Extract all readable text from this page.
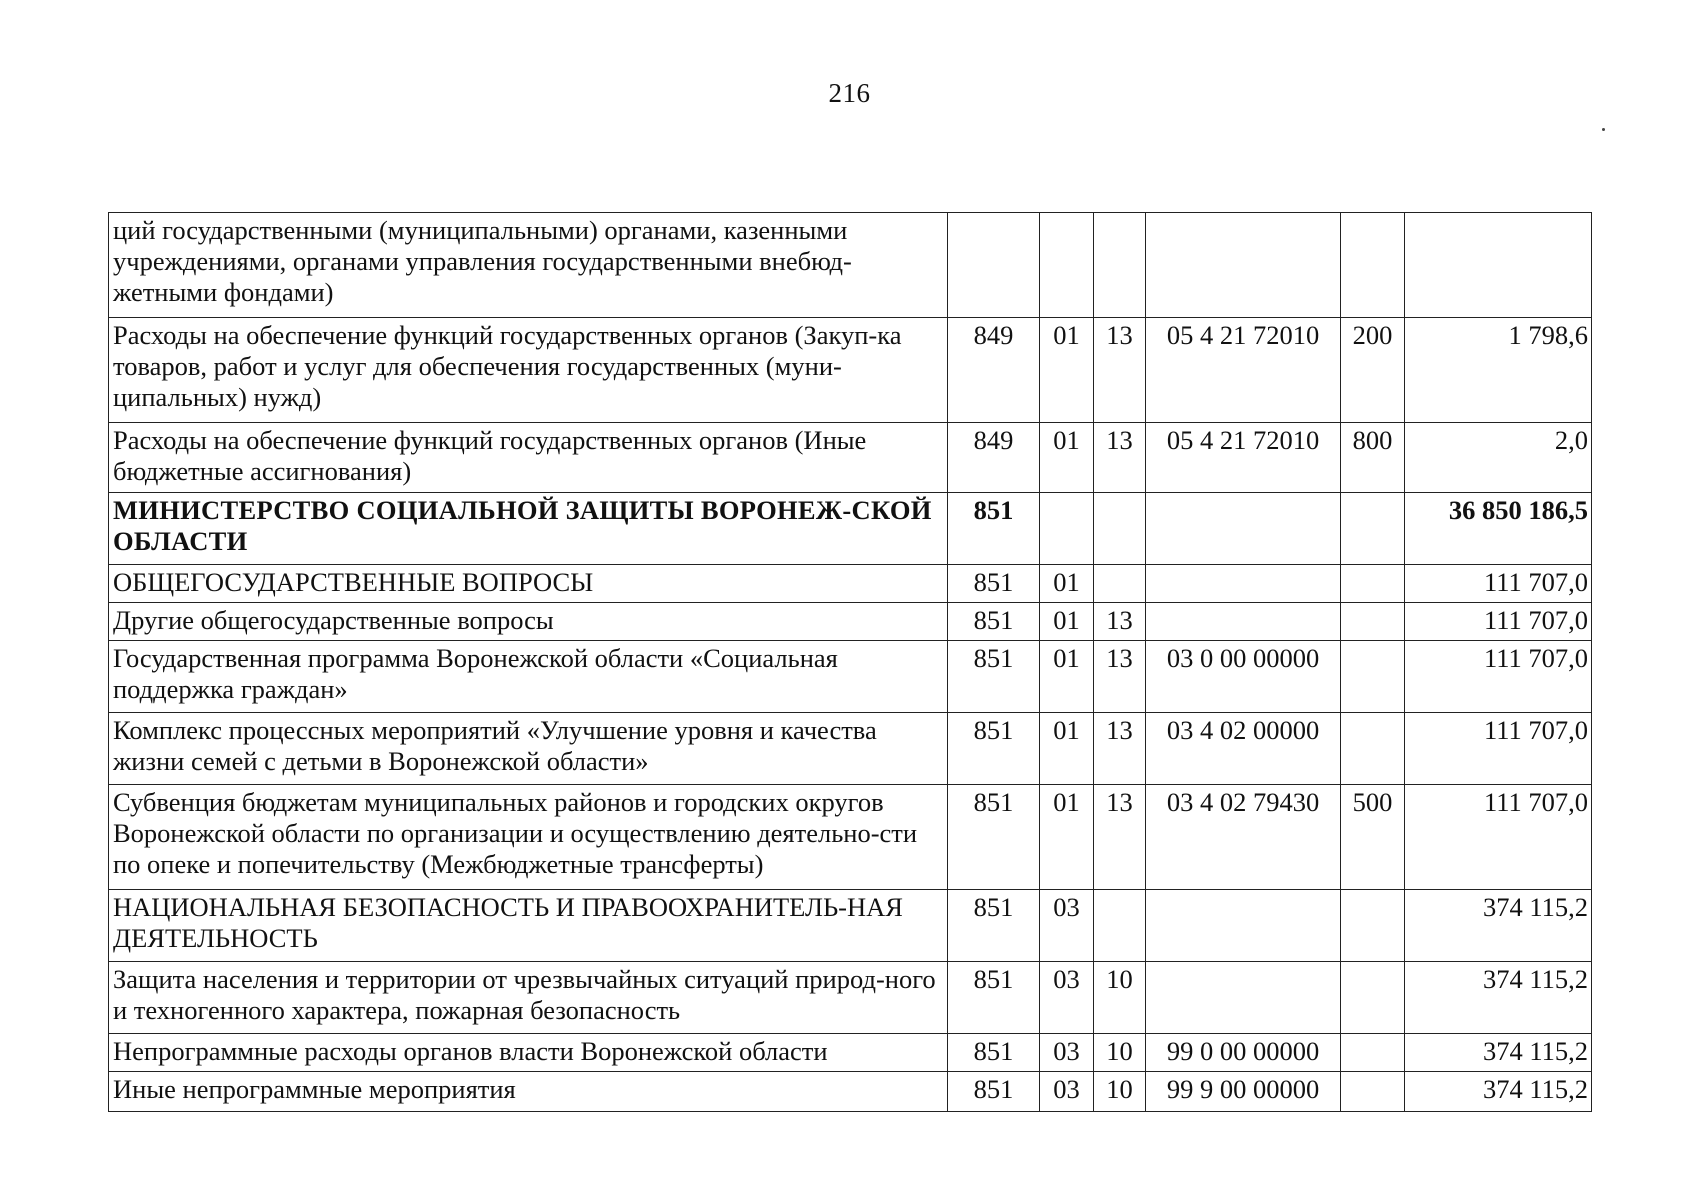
216
ций государственными (муниципальными) органами, казенными учреждениями, органами управления государственными внебюд-жетными фондами)						
Расходы на обеспечение функций государственных органов (Закуп-ка товаров, работ и услуг для обеспечения государственных (муни-ципальных) нужд)	849	01	13	05 4 21 72010	200	1 798,6
Расходы на обеспечение функций государственных органов (Иные бюджетные ассигнования)	849	01	13	05 4 21 72010	800	2,0
МИНИСТЕРСТВО СОЦИАЛЬНОЙ ЗАЩИТЫ ВОРОНЕЖ-СКОЙ ОБЛАСТИ	851					36 850 186,5
ОБЩЕГОСУДАРСТВЕННЫЕ ВОПРОСЫ	851	01				111 707,0
Другие общегосударственные вопросы	851	01	13			111 707,0
Государственная программа Воронежской области «Социальная поддержка граждан»	851	01	13	03 0 00 00000		111 707,0
Комплекс процессных мероприятий «Улучшение уровня и качества жизни семей с детьми в Воронежской области»	851	01	13	03 4 02 00000		111 707,0
Субвенция бюджетам муниципальных районов и городских округов Воронежской области по организации и осуществлению деятельно-сти по опеке и попечительству (Межбюджетные трансферты)	851	01	13	03 4 02 79430	500	111 707,0
НАЦИОНАЛЬНАЯ БЕЗОПАСНОСТЬ И ПРАВООХРАНИТЕЛЬ-НАЯ ДЕЯТЕЛЬНОСТЬ	851	03				374 115,2
Защита населения и территории от чрезвычайных ситуаций природ-ного и техногенного характера, пожарная безопасность	851	03	10			374 115,2
Непрограммные расходы органов власти Воронежской области	851	03	10	99 0 00 00000		374 115,2
Иные непрограммные мероприятия	851	03	10	99 9 00 00000		374 115,2
